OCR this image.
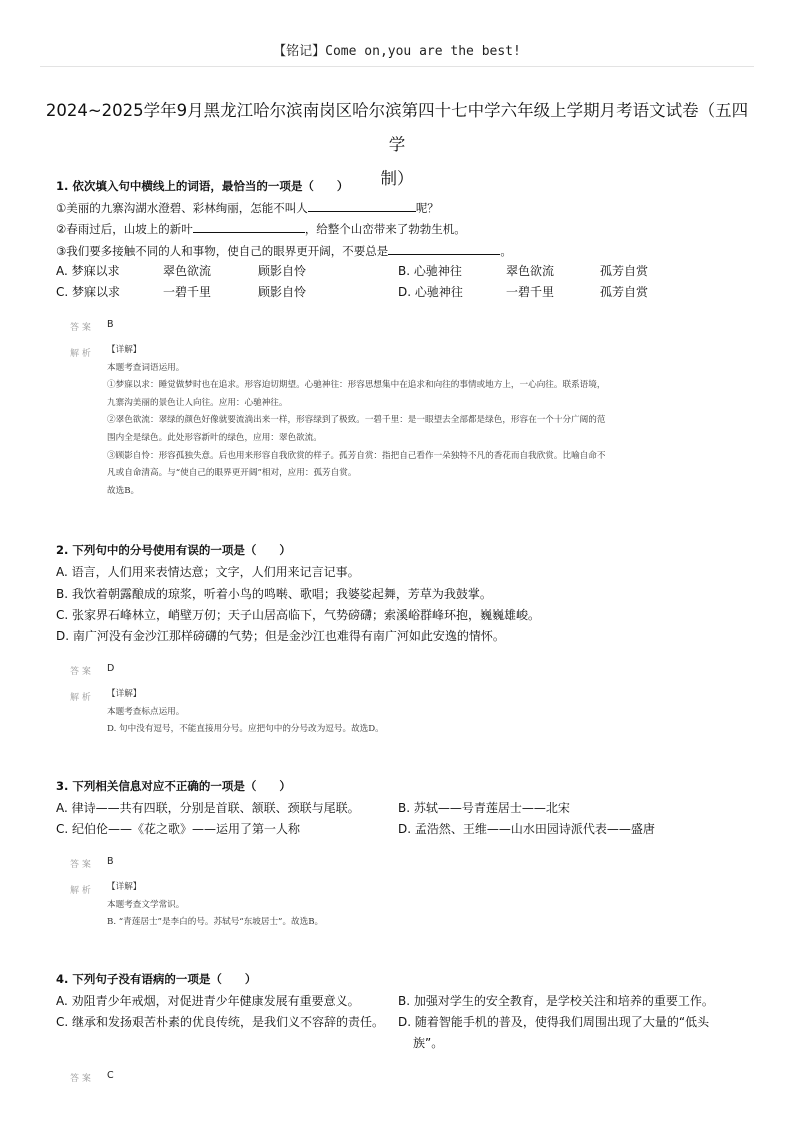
【铭记】Come on,you are the best!
2024~2025学年9月黑龙江哈尔滨南岗区哈尔滨第四十七中学六年级上学期月考语文试卷（五四学
制）
1. 依次填入句中横线上的词语，最恰当的一项是（　　）
①美丽的九寨沟湖水澄碧、彩林绚丽，怎能不叫人	呢？
②春雨过后，山坡上的新叶	，给整个山峦带来了勃勃生机。
③我们要多接触不同的人和事物，使自己的眼界更开阔，不要总是	。
A. 梦寐以求	翠色欲流	顾影自怜	B. 心驰神往	翠色欲流	孤芳自赏
C. 梦寐以求	一碧千里	顾影自怜	D. 心驰神往	一碧千里	孤芳自赏
答 案 B
解 析 【详解】
本题考查词语运用。
①梦寐以求：睡觉做梦时也在追求。形容迫切期望。心驰神往：形容思想集中在追求和向往的事情或地方上，一心向往。联系语境，
九寨沟美丽的景色让人向往。应用：心驰神往。
②翠色欲流：翠绿的颜色好像就要流淌出来一样，形容绿到了极致。一碧千里：是一眼望去全部都是绿色，形容在一个十分广阔的范
围内全是绿色。此处形容新叶的绿色，应用：翠色欲流。
③顾影自怜：形容孤独失意。后也用来形容自我欣赏的样子。孤芳自赏：指把自己看作一朵独特不凡的香花而自我欣赏。比喻自命不
凡或自命清高。与“使自己的眼界更开阔”相对，应用：孤芳自赏。
故选B。
2. 下列句中的分号使用有误的一项是（　　）
A. 语言，人们用来表情达意；文字，人们用来记言记事。
B. 我饮着朝露酿成的琼浆，听着小鸟的鸣啭、歌唱；我婆娑起舞，芳草为我鼓掌。
C. 张家界石峰林立，峭壁万仞；天子山居高临下，气势磅礴；索溪峪群峰环抱，巍巍雄峻。
D. 南广河没有金沙江那样磅礴的气势；但是金沙江也难得有南广河如此安逸的情怀。
答 案 D
解 析 【详解】
本题考查标点运用。
D. 句中没有逗号，不能直接用分号。应把句中的分号改为逗号。故选D。
3. 下列相关信息对应不正确的一项是（　　）
A. 律诗——共有四联，分别是首联、颔联、颈联与尾联。	B. 苏轼——号青莲居士——北宋
C. 纪伯伦——《花之歌》——运用了第一人称	D. 孟浩然、王维——山水田园诗派代表——盛唐
答 案 B
解 析 【详解】
本题考查文学常识。
B. “青莲居士”是李白的号。苏轼号“东坡居士”。故选B。
4. 下列句子没有语病的一项是（　　）
A. 劝阻青少年戒烟，对促进青少年健康发展有重要意义。	B. 加强对学生的安全教育，是学校关注和培养的重要工作。
C. 继承和发扬艰苦朴素的优良传统，是我们义不容辞的责任。 D. 随着智能手机的普及，使得我们周围出现了大量的“低头
族”。
答 案 C
